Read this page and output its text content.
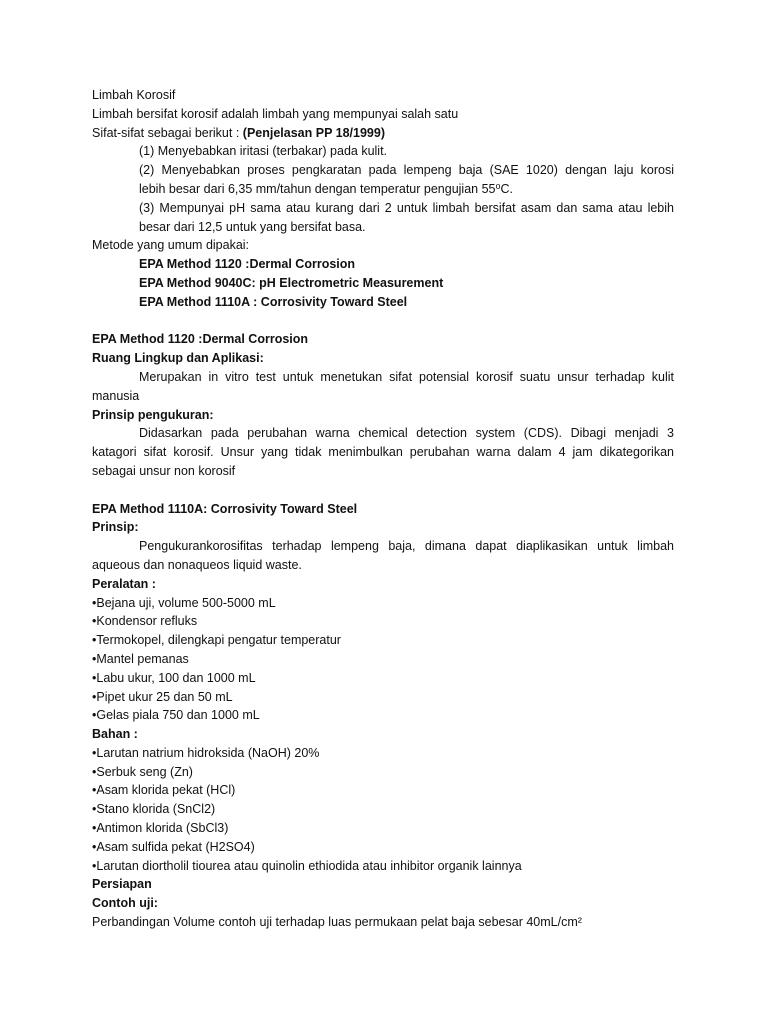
Limbah Korosif
Limbah bersifat korosif adalah limbah yang mempunyai salah satu
Sifat-sifat sebagai berikut : (Penjelasan PP 18/1999)
(1) Menyebabkan iritasi (terbakar) pada kulit.
(2) Menyebabkan proses pengkaratan pada lempeng baja (SAE 1020) dengan laju korosi
lebih besar dari 6,35 mm/tahun dengan temperatur pengujian 55⁰C.
(3) Mempunyai pH sama atau kurang dari 2 untuk limbah bersifat asam dan sama atau lebih
besar dari 12,5 untuk yang bersifat basa.
Metode yang umum dipakai:
EPA Method 1120 :Dermal Corrosion
EPA Method 9040C: pH Electrometric Measurement
EPA Method 1110A : Corrosivity Toward Steel
EPA Method 1120 :Dermal Corrosion
Ruang Lingkup dan Aplikasi:
Merupakan in vitro test untuk menetukan sifat potensial korosif suatu unsur terhadap kulit
manusia
Prinsip pengukuran:
Didasarkan pada perubahan warna chemical detection system (CDS). Dibagi menjadi 3
katagori sifat korosif. Unsur yang tidak menimbulkan perubahan warna dalam 4 jam dikategorikan
sebagai unsur non korosif
EPA Method 1110A: Corrosivity Toward Steel
Prinsip:
Pengukurankorosifitas terhadap lempeng baja, dimana dapat diaplikasikan untuk limbah
aqueous dan nonaqueos liquid waste.
Peralatan :
•Bejana uji, volume 500-5000 mL
•Kondensor refluks
•Termokopel, dilengkapi pengatur temperatur
•Mantel pemanas
•Labu ukur, 100 dan 1000 mL
•Pipet ukur 25 dan 50 mL
•Gelas piala 750 dan 1000 mL
Bahan :
•Larutan natrium hidroksida (NaOH) 20%
•Serbuk seng (Zn)
•Asam klorida pekat (HCl)
•Stano klorida (SnCl2)
•Antimon klorida (SbCl3)
•Asam sulfida pekat (H2SO4)
•Larutan diortholil tiourea atau quinolin ethiodida atau inhibitor organik lainnya
Persiapan
Contoh uji:
Perbandingan Volume contoh uji terhadap luas permukaan pelat baja sebesar 40mL/cm²
